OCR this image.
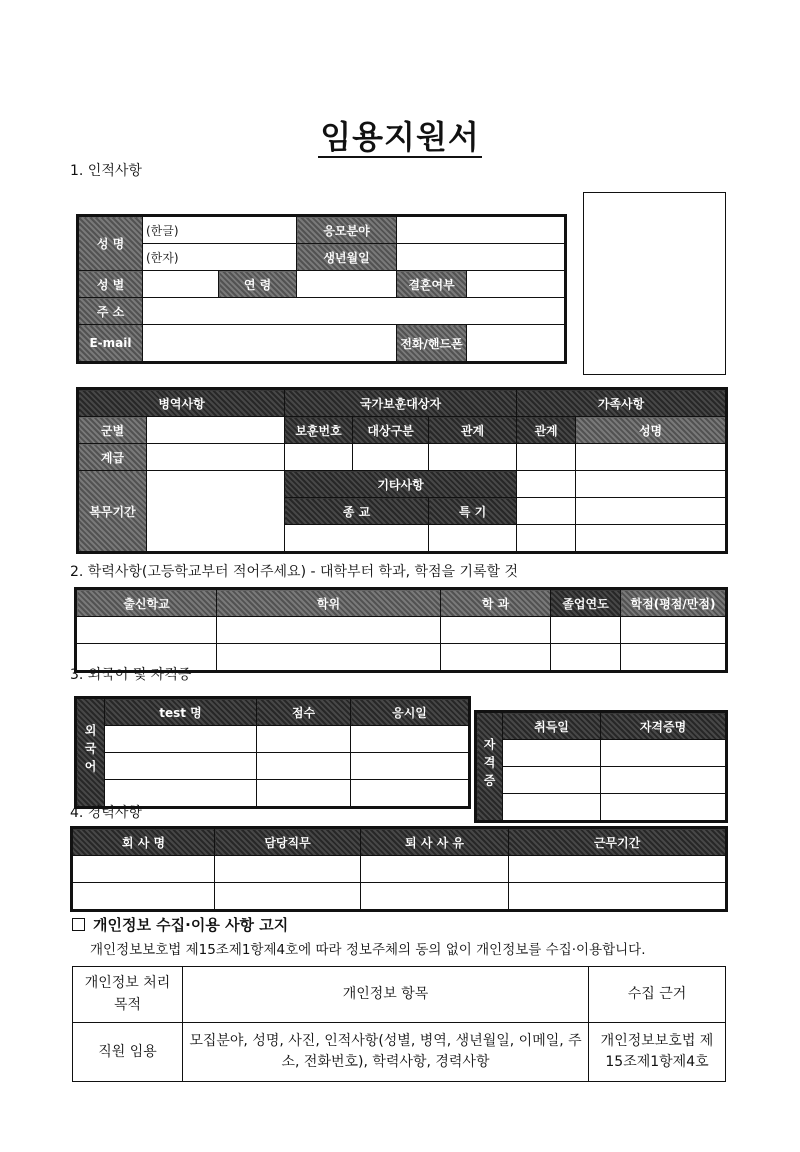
임용지원서
1. 인적사항
성 명	(한글)		응모분야		
	(한자)		생년월일		
성 별		연 령		결혼여부	
주 소					
E-mail				전화/핸드폰	
병역사항		국가보훈대상자			가족사항	
군별		보훈번호	대상구분	관계	관계	성명
계급						
복무기간		기타사항				
		종 교		특 기		

2. 학력사항(고등학교부터 적어주세요) - 대학부터 학과, 학점을 기록할 것
출신학교	학위	학 과	졸업연도	학점(평점/만점)

3. 외국어 및 자격증
외국어	test 명	점수	응시일

자격증	취득일	자격증명

4. 경력사항
회 사 명	담당직무	퇴 사 사 유	근무기간

개인정보 수집·이용 사항 고지
개인정보보호법 제15조제1항제4호에 따라 정보주체의 동의 없이 개인정보를 수집·이용합니다.
개인정보 처리목적	개인정보 항목	수집 근거
직원 임용	모집분야, 성명, 사진, 인적사항(성별, 병역, 생년월일, 이메일, 주소, 전화번호), 학력사항, 경력사항	개인정보보호법 제15조제1항제4호
